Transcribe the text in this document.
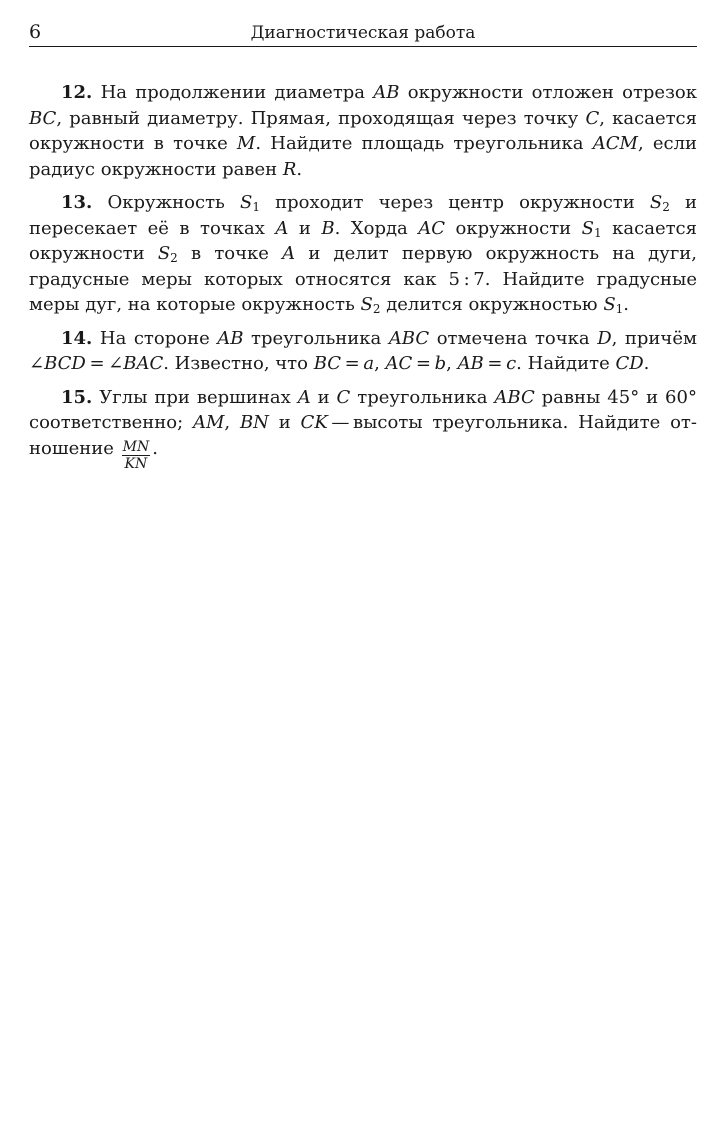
6	Диагностическая работа

12. На продолжении диаметра AB окружности отложен отрезок BC, равный диаметру. Прямая, проходящая через точку C, касается окружности в точке M. Найдите площадь треугольника ACM, если радиус окружности равен R.

13. Окружность $S_1$ проходит через центр окружности $S_2$ и пересекает её в точках A и B. Хорда AC окружности $S_1$ касается окружности $S_2$ в точке A и делит первую окружность на дуги, градусные меры которых относятся как 5 : 7. Найдите градусные меры дуг, на которые окружность $S_2$ делится окружностью $S_1$.

14. На стороне AB треугольника ABC отмечена точка D, причём ∠BCD = ∠BAC. Известно, что BC = a, AC = b, AB = c. Найдите CD.

15. Углы при вершинах A и C треугольника ABC равны 45° и 60° соответственно; AM, BN и CK — высоты треугольника. Найдите отношение $\frac{MN}{KN}$ .
